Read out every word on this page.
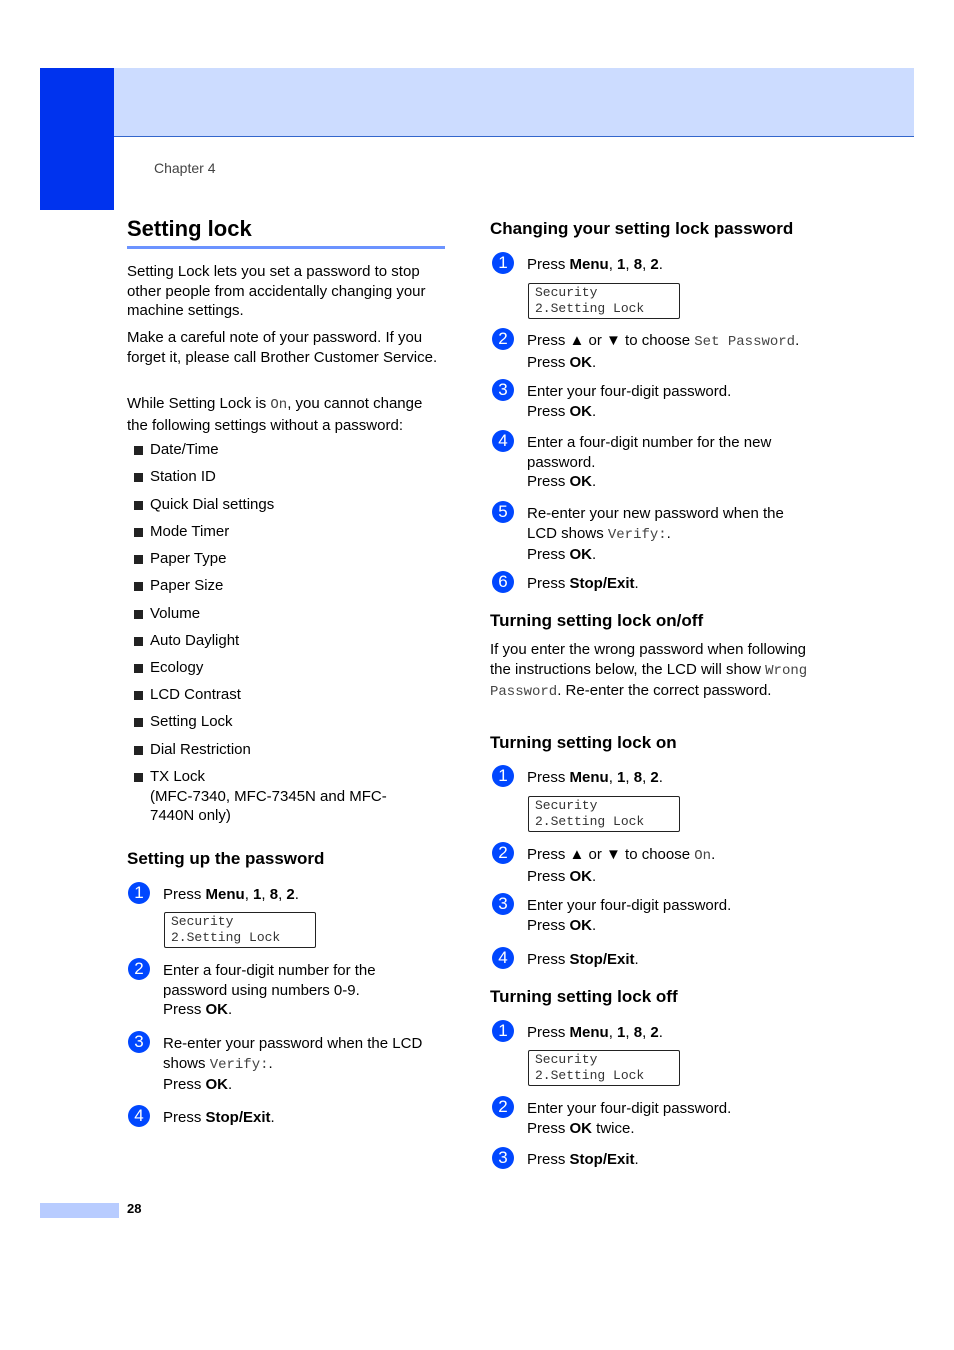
Chapter 4
Setting lock
Setting Lock lets you set a password to stop other people from accidentally changing your machine settings.
Make a careful note of your password. If you forget it, please call Brother Customer Service.
While Setting Lock is On, you cannot change the following settings without a password:
Date/Time
Station ID
Quick Dial settings
Mode Timer
Paper Type
Paper Size
Volume
Auto Daylight
Ecology
LCD Contrast
Setting Lock
Dial Restriction
TX Lock
(MFC-7340, MFC-7345N and MFC-7440N only)
Setting up the password
1	Press Menu, 1, 8, 2.
Security
2.Setting Lock
2	Enter a four-digit number for the password using numbers 0-9.
Press OK.
3	Re-enter your password when the LCD shows Verify:.
Press OK.
4	Press Stop/Exit.
Changing your setting lock password
1	Press Menu, 1, 8, 2.
Security
2.Setting Lock
2	Press ▲ or ▼ to choose Set Password.
Press OK.
3	Enter your four-digit password.
Press OK.
4	Enter a four-digit number for the new password.
Press OK.
5	Re-enter your new password when the LCD shows Verify:.
Press OK.
6	Press Stop/Exit.
Turning setting lock on/off
If you enter the wrong password when following the instructions below, the LCD will show Wrong Password. Re-enter the correct password.
Turning setting lock on
1	Press Menu, 1, 8, 2.
Security
2.Setting Lock
2	Press ▲ or ▼ to choose On.
Press OK.
3	Enter your four-digit password.
Press OK.
4	Press Stop/Exit.
Turning setting lock off
1	Press Menu, 1, 8, 2.
Security
2.Setting Lock
2	Enter your four-digit password.
Press OK twice.
3	Press Stop/Exit.
28
